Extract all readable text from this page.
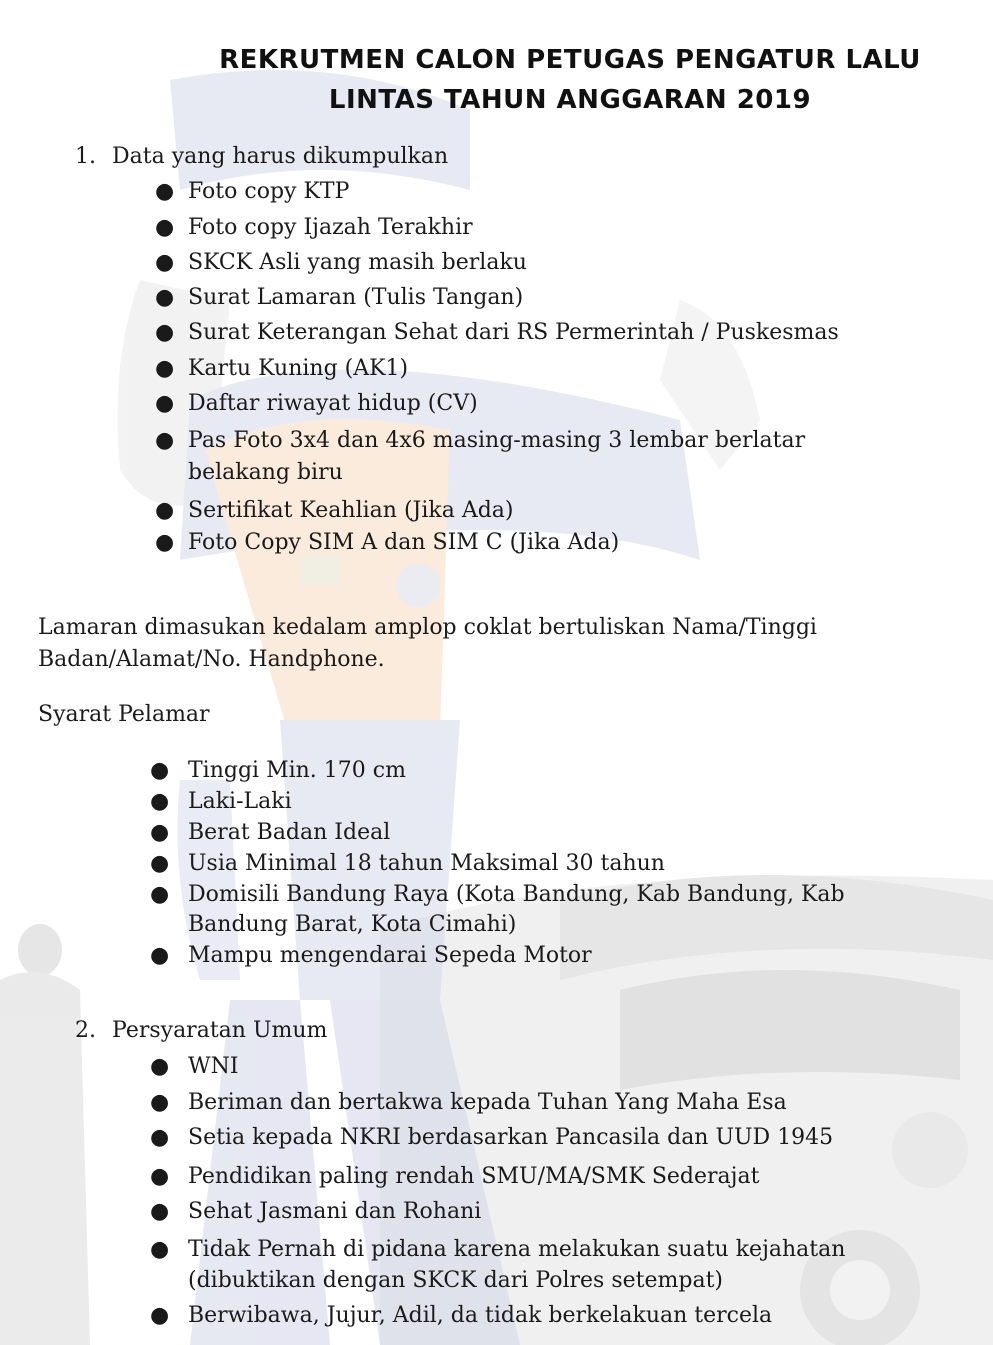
REKRUTMEN CALON PETUGAS PENGATUR LALU
LINTAS TAHUN ANGGARAN 2019
1. Data yang harus dikumpulkan
● Foto copy KTP
● Foto copy Ijazah Terakhir
● SKCK Asli yang masih berlaku
● Surat Lamaran (Tulis Tangan)
● Surat Keterangan Sehat dari RS Permerintah / Puskesmas
● Kartu Kuning (AK1)
● Daftar riwayat hidup (CV)
● Pas Foto 3x4 dan 4x6 masing-masing 3 lembar berlatar
belakang biru
● Sertifikat Keahlian (Jika Ada)
● Foto Copy SIM A dan SIM C (Jika Ada)
Lamaran dimasukan kedalam amplop coklat bertuliskan Nama/Tinggi
Badan/Alamat/No. Handphone.
Syarat Pelamar
● Tinggi Min. 170 cm
● Laki-Laki
● Berat Badan Ideal
● Usia Minimal 18 tahun Maksimal 30 tahun
● Domisili Bandung Raya (Kota Bandung, Kab Bandung, Kab
Bandung Barat, Kota Cimahi)
● Mampu mengendarai Sepeda Motor
2. Persyaratan Umum
● WNI
● Beriman dan bertakwa kepada Tuhan Yang Maha Esa
● Setia kepada NKRI berdasarkan Pancasila dan UUD 1945
● Pendidikan paling rendah SMU/MA/SMK Sederajat
● Sehat Jasmani dan Rohani
● Tidak Pernah di pidana karena melakukan suatu kejahatan
(dibuktikan dengan SKCK dari Polres setempat)
● Berwibawa, Jujur, Adil, da tidak berkelakuan tercela
